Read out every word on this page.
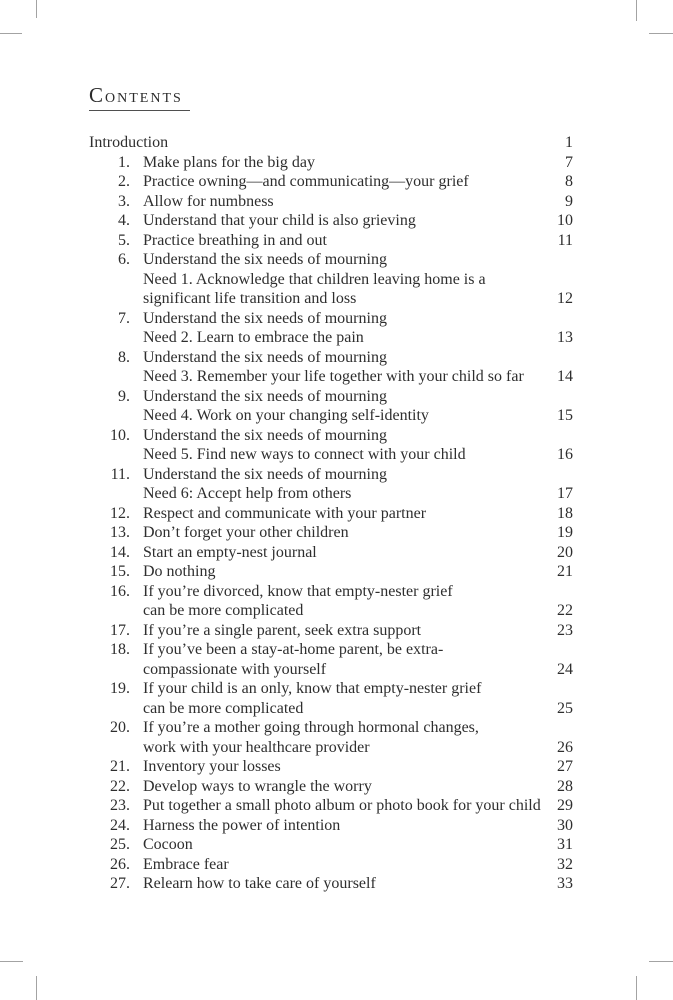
CONTENTS
Introduction	1
1. Make plans for the big day	7
2. Practice owning—and communicating—your grief	8
3. Allow for numbness	9
4. Understand that your child is also grieving	10
5. Practice breathing in and out	11
6. Understand the six needs of mourning
Need 1. Acknowledge that children leaving home is a
significant life transition and loss	12
7. Understand the six needs of mourning
Need 2. Learn to embrace the pain	13
8. Understand the six needs of mourning
Need 3. Remember your life together with your child so far	14
9. Understand the six needs of mourning
Need 4. Work on your changing self-identity	15
10. Understand the six needs of mourning
Need 5. Find new ways to connect with your child	16
11. Understand the six needs of mourning
Need 6: Accept help from others	17
12. Respect and communicate with your partner	18
13. Don’t forget your other children	19
14. Start an empty-nest journal	20
15. Do nothing	21
16. If you’re divorced, know that empty-nester grief
can be more complicated	22
17. If you’re a single parent, seek extra support	23
18. If you’ve been a stay-at-home parent, be extra-
compassionate with yourself	24
19. If your child is an only, know that empty-nester grief
can be more complicated	25
20. If you’re a mother going through hormonal changes,
work with your healthcare provider	26
21. Inventory your losses	27
22. Develop ways to wrangle the worry	28
23. Put together a small photo album or photo book for your child	29
24. Harness the power of intention	30
25. Cocoon	31
26. Embrace fear	32
27. Relearn how to take care of yourself	33
